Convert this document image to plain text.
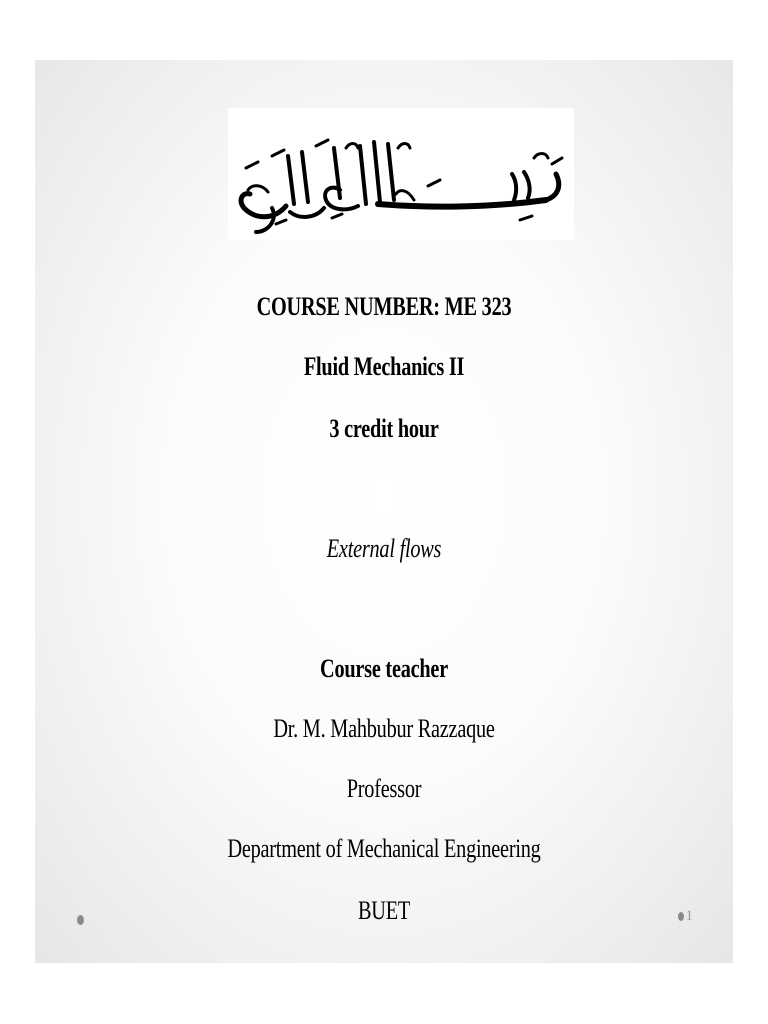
COURSE NUMBER: ME 323
Fluid Mechanics II
3 credit hour
External flows
Course teacher
Dr. M. Mahbubur Razzaque
Professor
Department of Mechanical Engineering
BUET	1
